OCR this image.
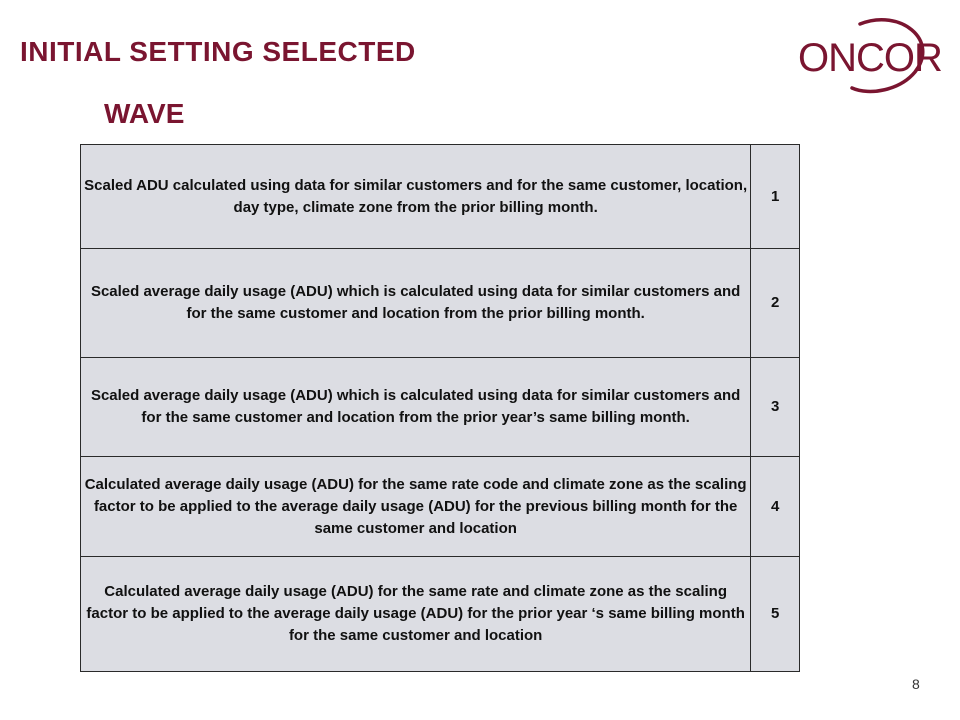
INITIAL SETTING SELECTED
WAVE
ONCOR
Scaled ADU calculated using data for similar customers and for the same customer, location, day type, climate zone from the prior billing month.	1
Scaled average daily usage (ADU) which is calculated using data for similar customers and for the same customer and location from the prior billing month.	2
Scaled average daily usage (ADU) which is calculated using data for similar customers and for the same customer and location from the prior year’s same billing month.	3
Calculated average daily usage (ADU) for the same rate code and climate zone as the scaling factor to be applied to the average daily usage (ADU) for the previous billing month for the same customer and location	4
Calculated average daily usage (ADU) for the same rate and climate zone as the scaling factor to be applied to the average daily usage (ADU) for the prior year ‘s same billing month for the same customer and location	5
8
